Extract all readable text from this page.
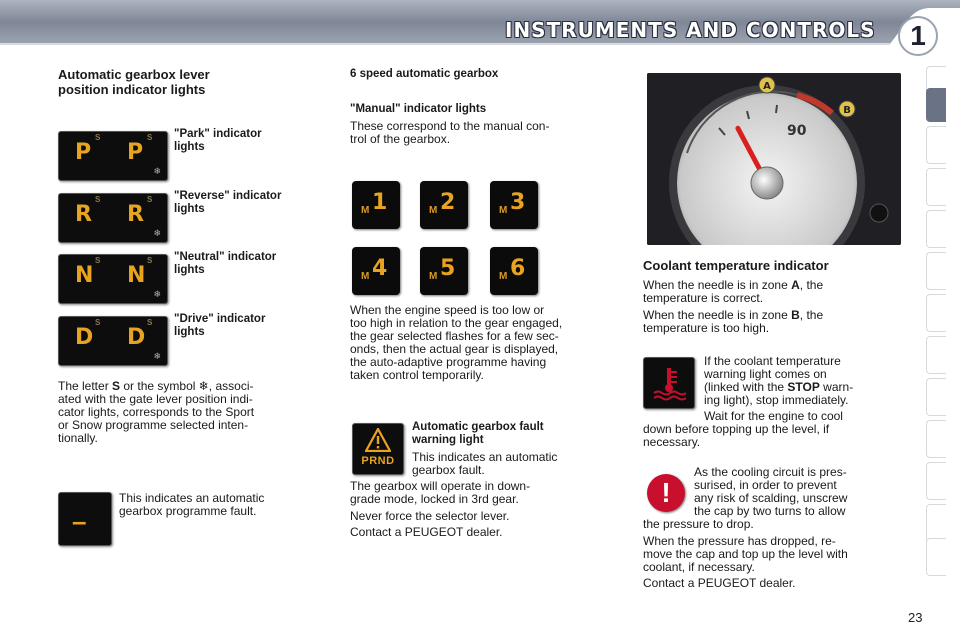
INSTRUMENTS AND CONTROLS	1
Automatic gearbox lever
position indicator lights
S
P
S
P
❄
"Park" indicator
lights
S
R
S
R
❄
"Reverse" indicator
lights
S
N
S
N
❄
"Neutral" indicator
lights
S
D
S
D
❄
"Drive" indicator
lights

The letter S or the symbol ❄, associ-

ated with the gate lever position indi-

cator lights, corresponds to the Sport

or Snow programme selected inten-

tionally.

–

This indicates an automatic

gearbox programme fault.

6 speed automatic gearbox
"Manual" indicator lights

These correspond to the manual con-

trol of the gearbox.

M 1	M 2	M 3
M 4	M 5	M 6

When the engine speed is too low or

too high in relation to the gear engaged,

the gear selected flashes for a few sec-

onds, then the actual gear is displayed,

the auto-adaptive programme having

taken control temporarily.

PRND
Automatic gearbox fault
warning light

This indicates an automatic

gearbox fault.

The gearbox will operate in down-

grade mode, locked in 3rd gear.

Never force the selector lever.

Contact a PEUGEOT dealer.

A
B
90
Coolant temperature indicator

When the needle is in zone A, the

temperature is correct.

When the needle is in zone B, the

temperature is too high.

If the coolant temperature

warning light comes on

(linked with the STOP warn-

ing light), stop immediately.

Wait for the engine to cool

down before topping up the level, if

necessary.

!

As the cooling circuit is pres-

surised, in order to prevent

any risk of scalding, unscrew

the cap by two turns to allow

the pressure to drop.

When the pressure has dropped, re-

move the cap and top up the level with

coolant, if necessary.

Contact a PEUGEOT dealer.

23
